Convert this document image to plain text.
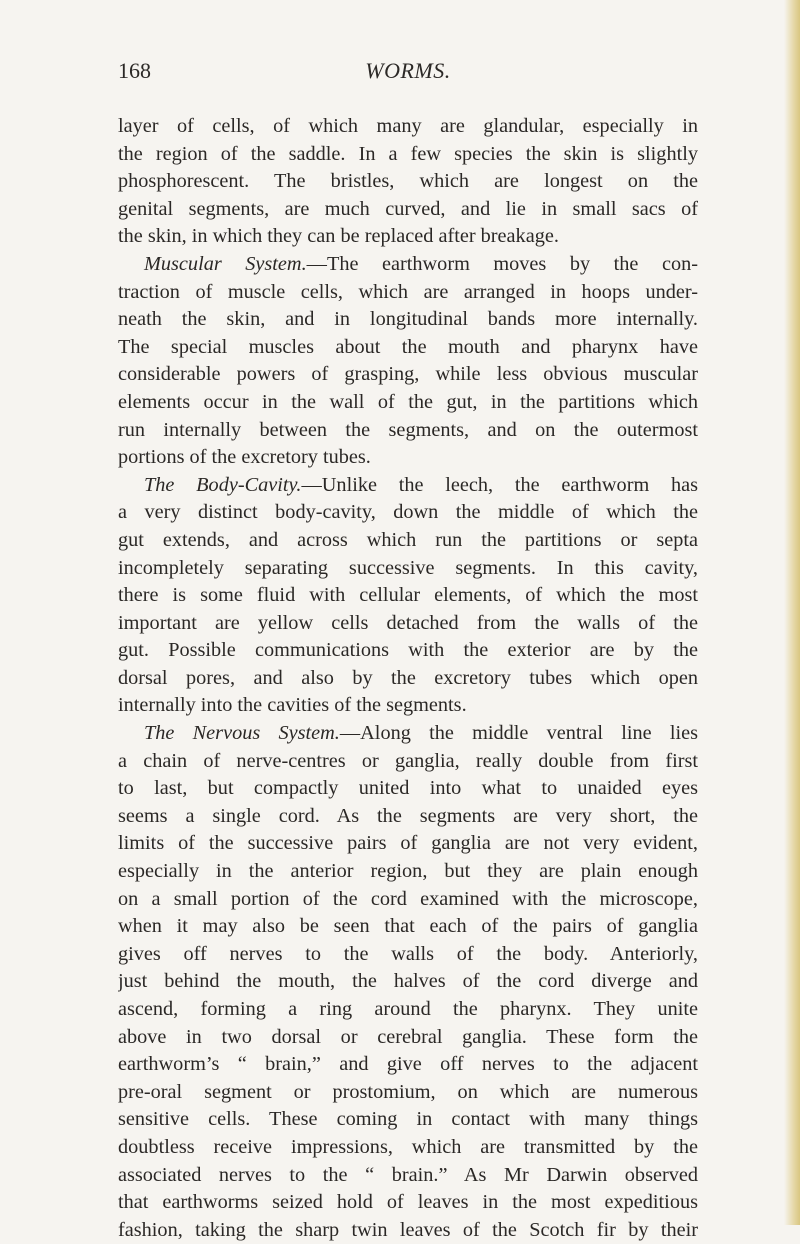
168	WORMS.
layer of cells, of which many are glandular, especially in
the region of the saddle. In a few species the skin is slightly
phosphorescent. The bristles, which are longest on the
genital segments, are much curved, and lie in small sacs of
the skin, in which they can be replaced after breakage.
Muscular System.—The earthworm moves by the con-
traction of muscle cells, which are arranged in hoops under-
neath the skin, and in longitudinal bands more internally.
The special muscles about the mouth and pharynx have
considerable powers of grasping, while less obvious muscular
elements occur in the wall of the gut, in the partitions which
run internally between the segments, and on the outermost
portions of the excretory tubes.
The Body-Cavity.—Unlike the leech, the earthworm has
a very distinct body-cavity, down the middle of which the
gut extends, and across which run the partitions or septa
incompletely separating successive segments. In this cavity,
there is some fluid with cellular elements, of which the most
important are yellow cells detached from the walls of the
gut. Possible communications with the exterior are by the
dorsal pores, and also by the excretory tubes which open
internally into the cavities of the segments.
The Nervous System.—Along the middle ventral line lies
a chain of nerve-centres or ganglia, really double from first
to last, but compactly united into what to unaided eyes
seems a single cord. As the segments are very short, the
limits of the successive pairs of ganglia are not very evident,
especially in the anterior region, but they are plain enough
on a small portion of the cord examined with the microscope,
when it may also be seen that each of the pairs of ganglia
gives off nerves to the walls of the body. Anteriorly,
just behind the mouth, the halves of the cord diverge and
ascend, forming a ring around the pharynx. They unite
above in two dorsal or cerebral ganglia. These form the
earthworm’s “ brain,” and give off nerves to the adjacent
pre-oral segment or prostomium, on which are numerous
sensitive cells. These coming in contact with many things
doubtless receive impressions, which are transmitted by the
associated nerves to the “ brain.” As Mr Darwin observed
that earthworms seized hold of leaves in the most expeditious
fashion, taking the sharp twin leaves of the Scotch fir by their
